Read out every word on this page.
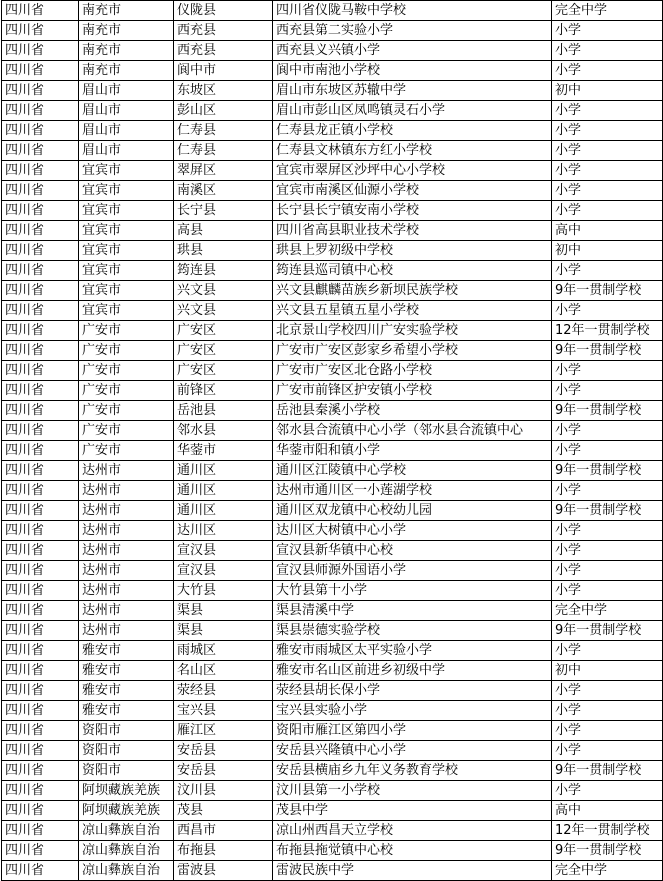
四川省	南充市	仪陇县	四川省仪陇马鞍中学校	完全中学
四川省	南充市	西充县	西充县第二实验小学	小学
四川省	南充市	西充县	西充县义兴镇小学	小学
四川省	南充市	阆中市	阆中市南池小学校	小学
四川省	眉山市	东坡区	眉山市东坡区苏辙中学	初中
四川省	眉山市	彭山区	眉山市彭山区凤鸣镇灵石小学	小学
四川省	眉山市	仁寿县	仁寿县龙正镇小学校	小学
四川省	眉山市	仁寿县	仁寿县文林镇东方红小学校	小学
四川省	宜宾市	翠屏区	宜宾市翠屏区沙坪中心小学校	小学
四川省	宜宾市	南溪区	宜宾市南溪区仙源小学校	小学
四川省	宜宾市	长宁县	长宁县长宁镇安南小学校	小学
四川省	宜宾市	高县	四川省高县职业技术学校	高中
四川省	宜宾市	珙县	珙县上罗初级中学校	初中
四川省	宜宾市	筠连县	筠连县巡司镇中心校	小学
四川省	宜宾市	兴文县	兴文县麒麟苗族乡新坝民族学校	9年一贯制学校
四川省	宜宾市	兴文县	兴文县五星镇五星小学校	小学
四川省	广安市	广安区	北京景山学校四川广安实验学校	12年一贯制学校
四川省	广安市	广安区	广安市广安区彭家乡希望小学校	9年一贯制学校
四川省	广安市	广安区	广安市广安区北仓路小学校	小学
四川省	广安市	前锋区	广安市前锋区护安镇小学校	小学
四川省	广安市	岳池县	岳池县秦溪小学校	9年一贯制学校
四川省	广安市	邻水县	邻水县合流镇中心小学（邻水县合流镇中心	小学
四川省	广安市	华蓥市	华蓥市阳和镇小学	小学
四川省	达州市	通川区	通川区江陵镇中心学校	9年一贯制学校
四川省	达州市	通川区	达州市通川区一小莲湖学校	小学
四川省	达州市	通川区	通川区双龙镇中心校幼儿园	9年一贯制学校
四川省	达州市	达川区	达川区大树镇中心小学	小学
四川省	达州市	宣汉县	宣汉县新华镇中心校	小学
四川省	达州市	宣汉县	宣汉县师源外国语小学	小学
四川省	达州市	大竹县	大竹县第十小学	小学
四川省	达州市	渠县	渠县清溪中学	完全中学
四川省	达州市	渠县	渠县崇德实验学校	9年一贯制学校
四川省	雅安市	雨城区	雅安市雨城区太平实验小学	小学
四川省	雅安市	名山区	雅安市名山区前进乡初级中学	初中
四川省	雅安市	荥经县	荥经县胡长保小学	小学
四川省	雅安市	宝兴县	宝兴县实验小学	小学
四川省	资阳市	雁江区	资阳市雁江区第四小学	小学
四川省	资阳市	安岳县	安岳县兴隆镇中心小学	小学
四川省	资阳市	安岳县	安岳县横庙乡九年义务教育学校	9年一贯制学校
四川省	阿坝藏族羌族	汶川县	汶川县第一小学校	小学
四川省	阿坝藏族羌族	茂县	茂县中学	高中
四川省	凉山彝族自治	西昌市	凉山州西昌天立学校	12年一贯制学校
四川省	凉山彝族自治	布拖县	布拖县拖觉镇中心校	9年一贯制学校
四川省	凉山彝族自治	雷波县	雷波民族中学	完全中学
